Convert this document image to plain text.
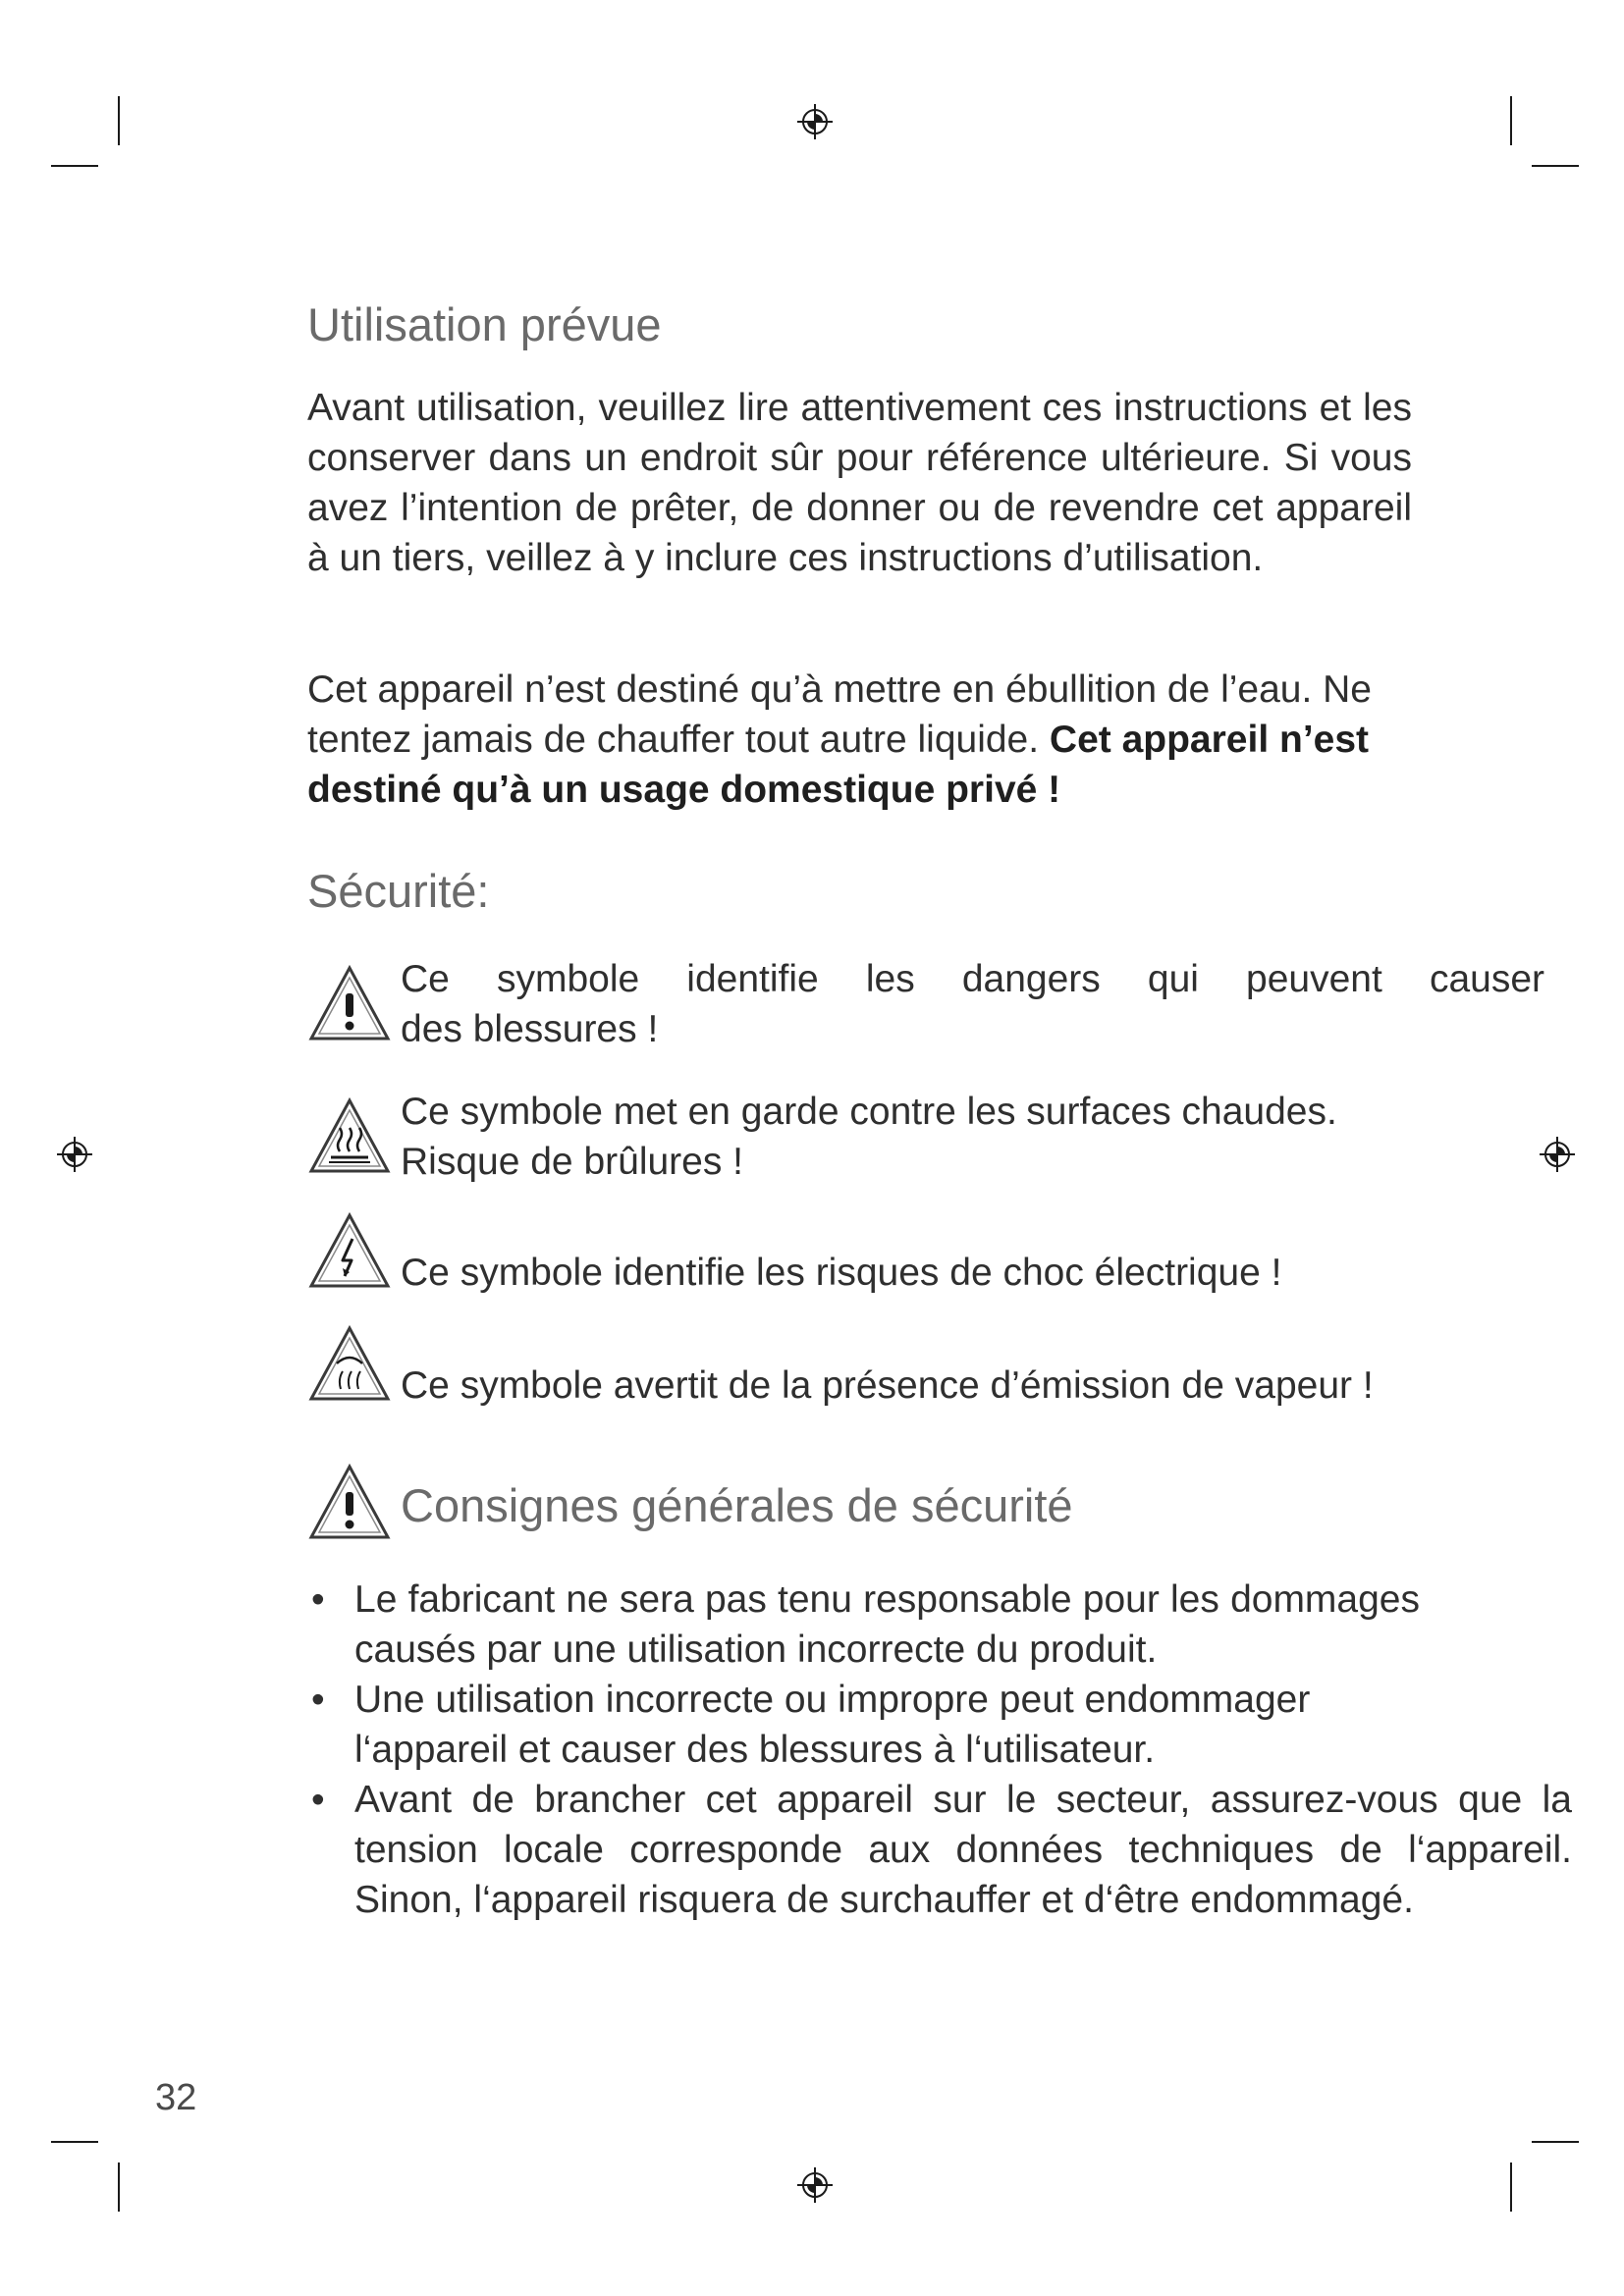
Utilisation prévue

Avant utilisation, veuillez lire attentivement ces instructions et les conserver dans un endroit sûr pour référence ultérieure. Si vous avez l’intention de prêter, de donner ou de revendre cet appareil à un tiers, veillez à y inclure ces instructions d’utilisation.

Cet appareil n’est destiné qu’à mettre en ébullition de l’eau. Ne tentez jamais de chauffer tout autre liquide. Cet appareil n’est destiné qu’à un usage domestique privé !

Sécurité:
Ce symbole identifie les dangers qui peuvent causer
des blessures !
Ce symbole met en garde contre les surfaces chaudes.
Risque de brûlures !
Ce symbole identifie les risques de choc électrique !
Ce symbole avertit de la présence d’émission de vapeur !
Consignes générales de sécurité
• Le fabricant ne sera pas tenu responsable pour les dommages causés par une utilisation incorrecte du produit.
• Une utilisation incorrecte ou impropre peut endommager l‘appareil et causer des blessures à l‘utilisateur.
• Avant de brancher cet appareil sur le secteur, assurez-vous que la tension locale corresponde aux données techniques de l‘appareil. Sinon, l‘appareil risquera de surchauffer et d‘être endommagé.
32
